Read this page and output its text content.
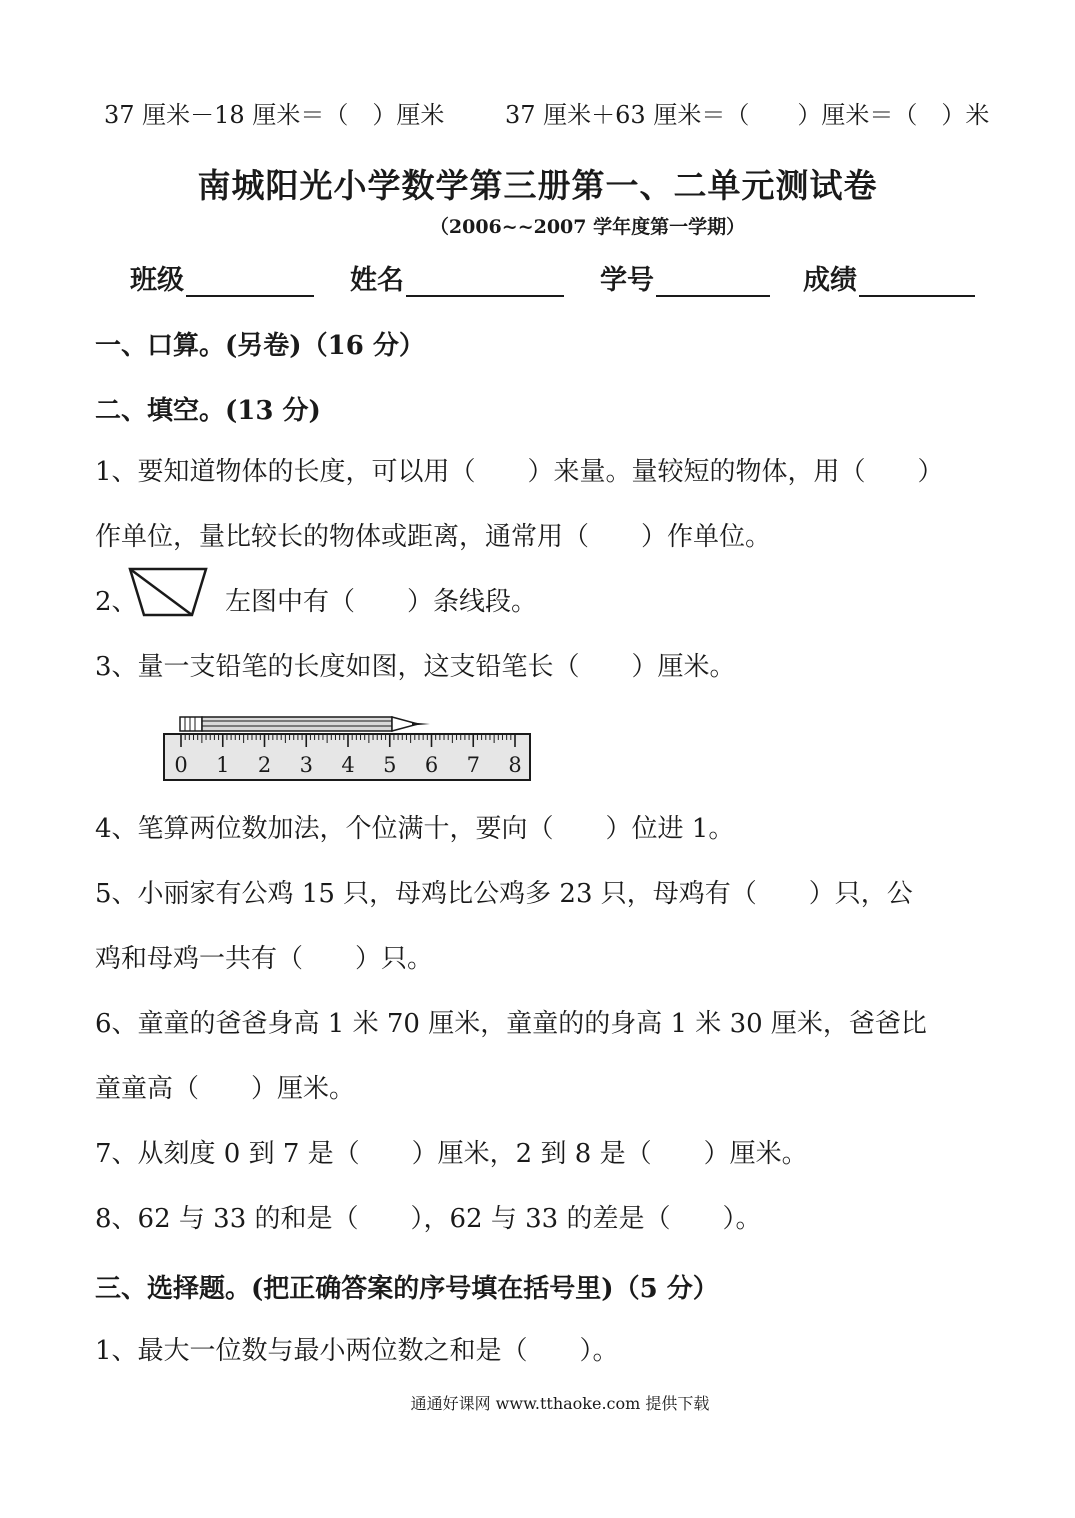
37 厘米－18 厘米＝（　）厘米	37 厘米＋63 厘米＝（　　）厘米＝（　）米
南城阳光小学数学第三册第一、二单元测试卷
（2006~~2007 学年度第一学期）
班级	姓名	学号	成绩
一、口算。(另卷)（16 分）
二、填空。(13 分)
1、要知道物体的长度，可以用（　　）来量。量较短的物体，用（　　）
作单位，量比较长的物体或距离，通常用（　　）作单位。
2、	左图中有（　　）条线段。
3、量一支铅笔的长度如图，这支铅笔长（　　）厘米。
0 1 2 3 4 5 6 7 8
4、笔算两位数加法，个位满十，要向（　　）位进 1。
5、小丽家有公鸡 15 只，母鸡比公鸡多 23 只，母鸡有（　　）只，公
鸡和母鸡一共有（　　）只。
6、童童的爸爸身高 1 米 70 厘米，童童的的身高 1 米 30 厘米，爸爸比
童童高（　　）厘米。
7、从刻度 0 到 7 是（　　）厘米，2 到 8 是（　　）厘米。
8、62 与 33 的和是（　　），62 与 33 的差是（　　）。
三、选择题。(把正确答案的序号填在括号里)（5 分）
1、最大一位数与最小两位数之和是（　　）。
通通好课网 www.tthaoke.com 提供下载
